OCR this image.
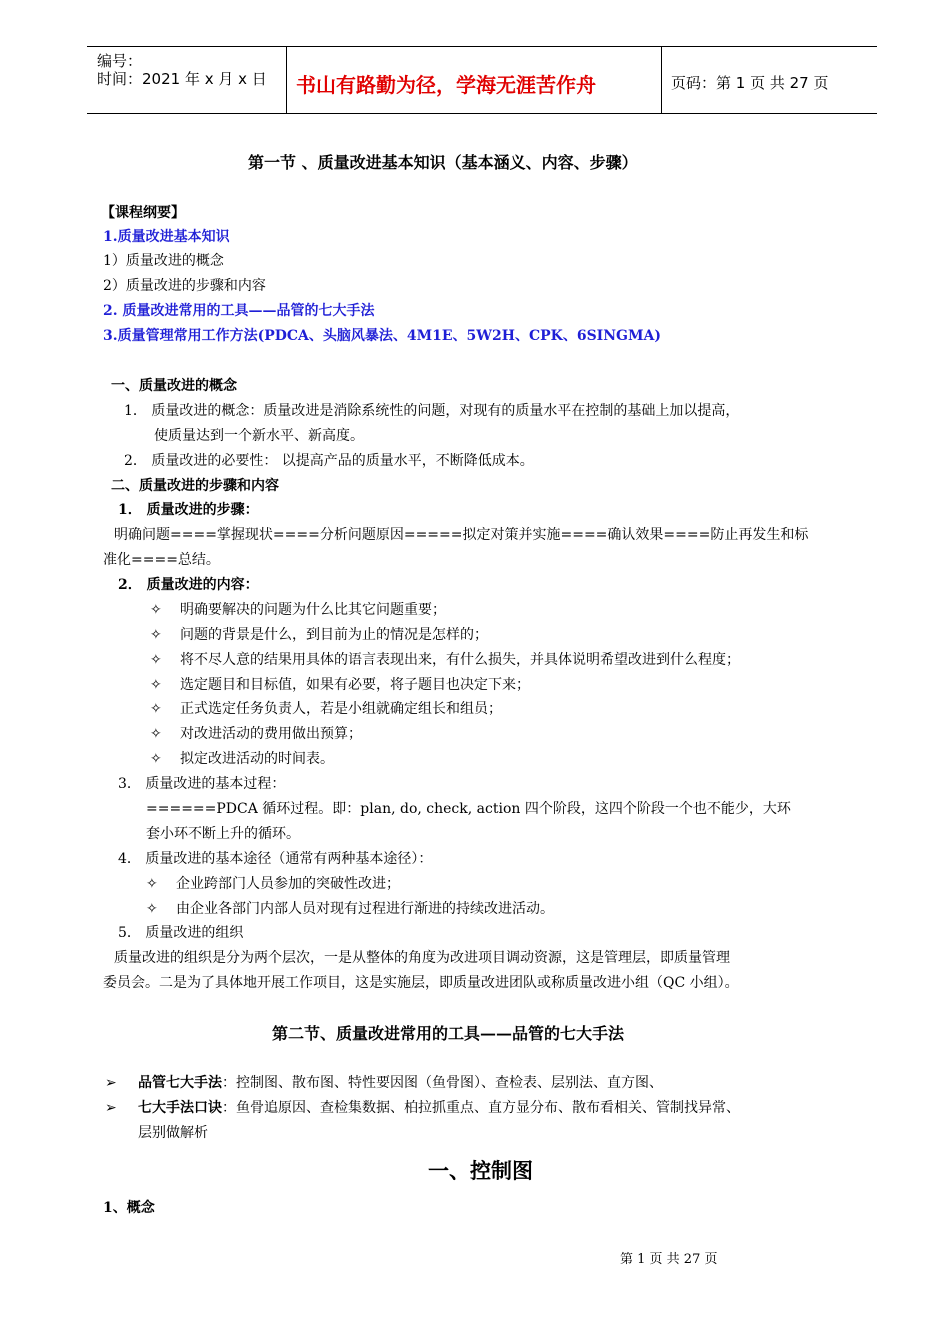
编号：
时间：2021 年 x 月 x 日 书山有路勤为径，学海无涯苦作舟	页码：第 1 页 共 27 页
第一节 、质量改进基本知识（基本涵义、内容、步骤）
【课程纲要】
1.质量改进基本知识
1）质量改进的概念
2）质量改进的步骤和内容
2. 质量改进常用的工具——品管的七大手法
3.质量管理常用工作方法(PDCA、头脑风暴法、4M1E、5W2H、CPK、6SINGMA)
一、质量改进的概念
1． 质量改进的概念：质量改进是消除系统性的问题，对现有的质量水平在控制的基础上加以提高，
使质量达到一个新水平、新高度。
2． 质量改进的必要性： 以提高产品的质量水平，不断降低成本。
二、质量改进的步骤和内容
1． 质量改进的步骤：
明确问题====掌握现状====分析问题原因=====拟定对策并实施====确认效果====防止再发生和标
准化====总结。
2． 质量改进的内容：
✧ 明确要解决的问题为什么比其它问题重要；
✧ 问题的背景是什么，到目前为止的情况是怎样的；
✧ 将不尽人意的结果用具体的语言表现出来，有什么损失，并具体说明希望改进到什么程度；
✧ 选定题目和目标值，如果有必要，将子题目也决定下来；
✧ 正式选定任务负责人，若是小组就确定组长和组员；
✧ 对改进活动的费用做出预算；
✧ 拟定改进活动的时间表。
3． 质量改进的基本过程：
======PDCA 循环过程。即：plan, do, check, action 四个阶段，这四个阶段一个也不能少，大环
套小环不断上升的循环。
4． 质量改进的基本途径（通常有两种基本途径）：
✧ 企业跨部门人员参加的突破性改进；
✧ 由企业各部门内部人员对现有过程进行渐进的持续改进活动。
5． 质量改进的组织
质量改进的组织是分为两个层次，一是从整体的角度为改进项目调动资源，这是管理层，即质量管理
委员会。二是为了具体地开展工作项目，这是实施层，即质量改进团队或称质量改进小组（QC 小组）。
第二节、质量改进常用的工具——品管的七大手法
➢ 品管七大手法：控制图、散布图、特性要因图（鱼骨图）、查检表、层别法、直方图、
➢ 七大手法口诀：鱼骨追原因、查检集数据、柏拉抓重点、直方显分布、散布看相关、管制找异常、
层别做解析
一、控制图
1、概念
第 1 页 共 27 页
